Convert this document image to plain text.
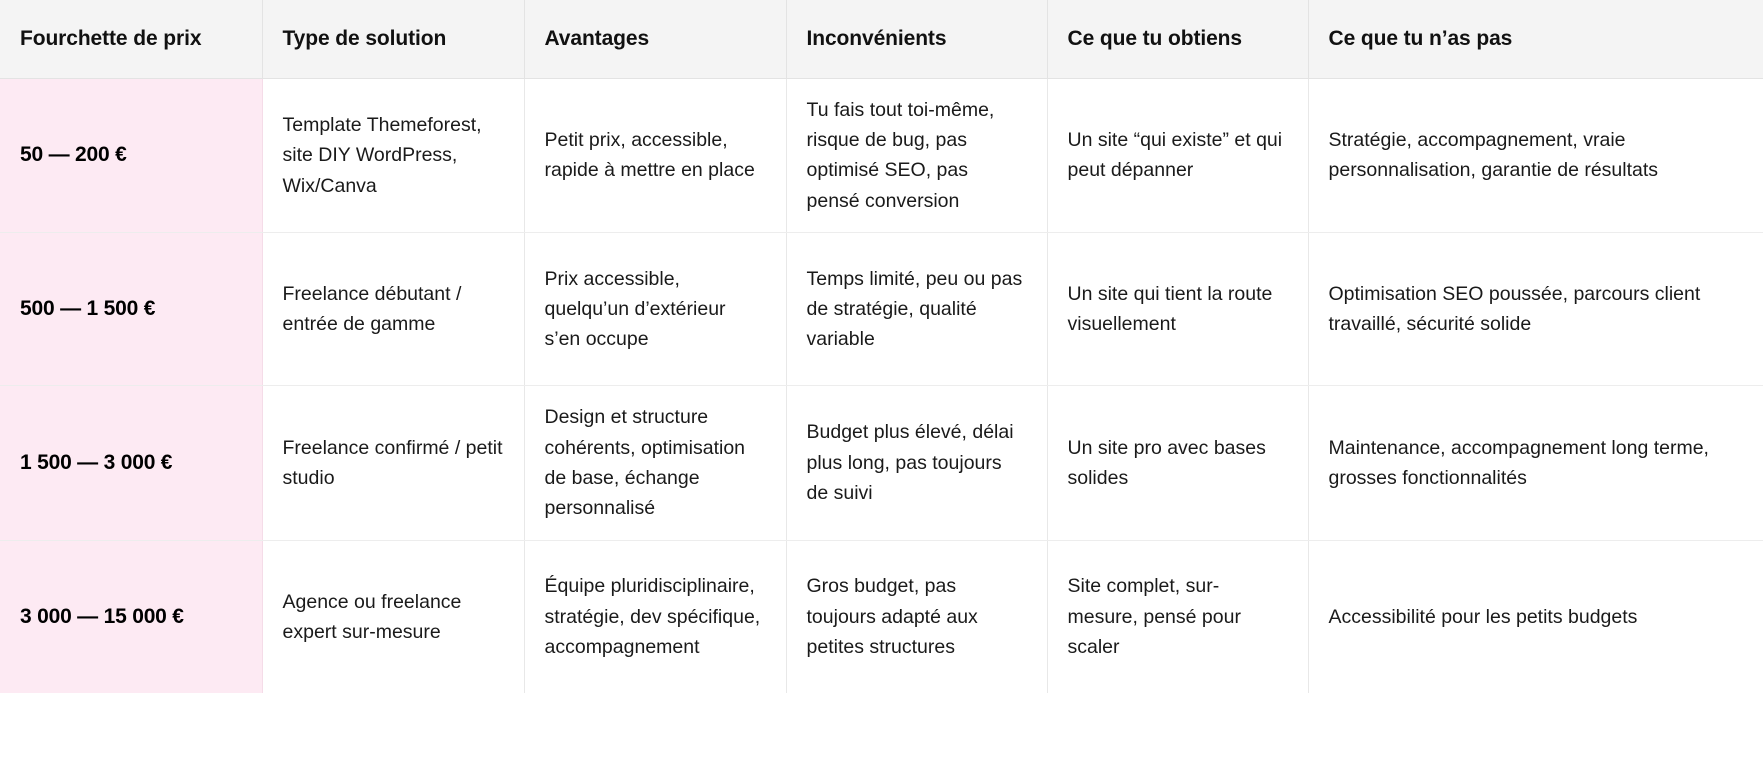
Fourchette de prix	Type de solution	Avantages	Inconvénients	Ce que tu obtiens	Ce que tu n’as pas
50 — 200 €	Template Themeforest, site DIY WordPress, Wix/Canva	Petit prix, accessible, rapide à mettre en place	Tu fais tout toi-même, risque de bug, pas optimisé SEO, pas pensé conversion	Un site “qui existe” et qui peut dépanner	Stratégie, accompagnement, vraie personnalisation, garantie de résultats
500 — 1 500 €	Freelance débutant / entrée de gamme	Prix accessible, quelqu’un d’extérieur s’en occupe	Temps limité, peu ou pas de stratégie, qualité variable	Un site qui tient la route visuellement	Optimisation SEO poussée, parcours client travaillé, sécurité solide
1 500 — 3 000 €	Freelance confirmé / petit studio	Design et structure cohérents, optimisation de base, échange personnalisé	Budget plus élevé, délai plus long, pas toujours de suivi	Un site pro avec bases solides	Maintenance, accompagnement long terme, grosses fonctionnalités
3 000 — 15 000 €	Agence ou freelance expert sur-mesure	Équipe pluridisciplinaire, stratégie, dev spécifique, accompagnement	Gros budget, pas toujours adapté aux petites structures	Site complet, sur-mesure, pensé pour scaler	Accessibilité pour les petits budgets
